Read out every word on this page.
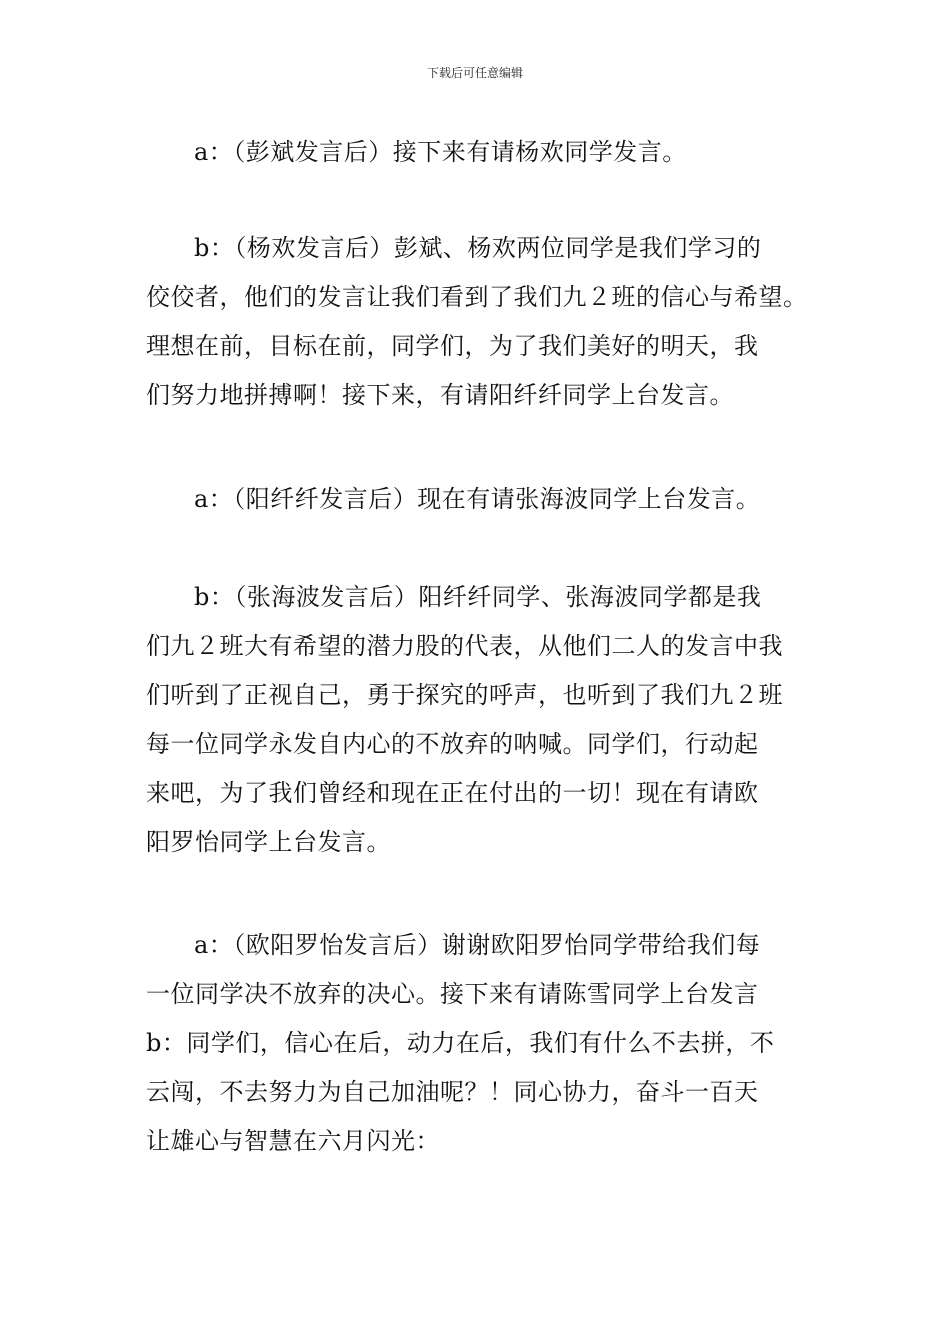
下载后可任意编辑
a：（彭斌发言后）接下来有请杨欢同学发言。
b：（杨欢发言后）彭斌、杨欢两位同学是我们学习的
佼佼者，他们的发言让我们看到了我们九２班的信心与希望。
理想在前，目标在前，同学们，为了我们美好的明天，我
们努力地拼搏啊！接下来，有请阳纤纤同学上台发言。
a：（阳纤纤发言后）现在有请张海波同学上台发言。
b：（张海波发言后）阳纤纤同学、张海波同学都是我
们九２班大有希望的潜力股的代表，从他们二人的发言中我
们听到了正视自己，勇于探究的呼声，也听到了我们九２班
每一位同学永发自内心的不放弃的呐喊。同学们，行动起
来吧，为了我们曾经和现在正在付出的一切！现在有请欧
阳罗怡同学上台发言。
a：（欧阳罗怡发言后）谢谢欧阳罗怡同学带给我们每
一位同学决不放弃的决心。接下来有请陈雪同学上台发言
b：同学们，信心在后，动力在后，我们有什么不去拼，不
云闯，不去努力为自己加油呢？！同心协力，奋斗一百天
让雄心与智慧在六月闪光：
